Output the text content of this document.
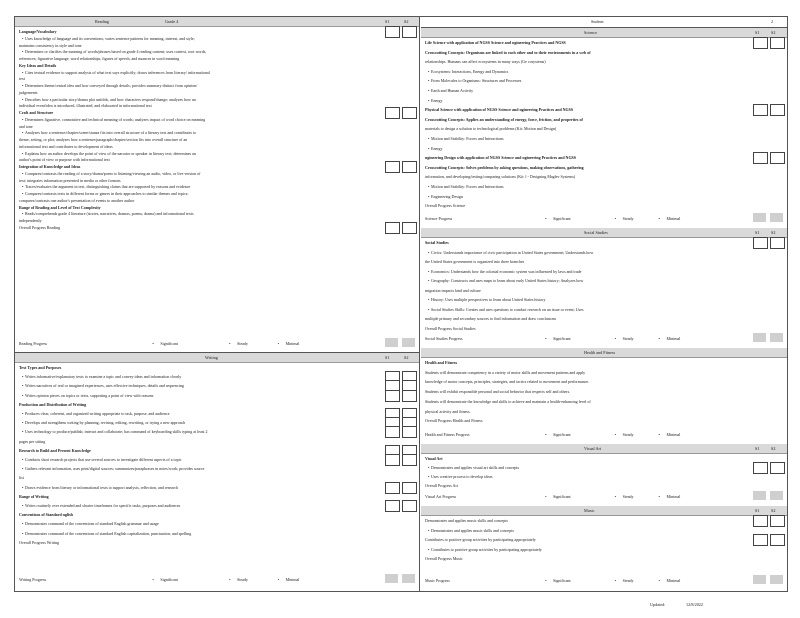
Reading	Grade 4	S1	S2
Language/Vocabulary
• Uses knowledge of language and its conventions; varies sentence patterns for meaning, interest, and style;
maintains consistency in style and tone
• Determines or clarifies the meaning of words/phrases based on grade 4 reading content; uses context, root words,
references; figurative language, word relationships, figures of speech, and nuances in word meaning
Key Ideas and Details
• Cites textual evidence to support analysis of what text says explicitly; draws inferences from literary/ informational
text
• Determines theme/central idea and how conveyed through details; provides summary distinct from opinion/
judgements
• Describes how a particular story/drama plot unfolds, and how characters respond/change; analyzes how an
individual event/idea is introduced, illustrated, and elaborated in informational text
Craft and Structure
• Determines figurative, connotative and technical meaning of words; analyzes impact of word choice on meaning
and tone
• Analyzes how a sentence/chapter/scene/stanza fits into overall structure of a literary text and contributes to
theme, setting, or plot; analyzes how a sentence/paragraph/chapter/section fits into overall structure of an
informational text and contributes to development of ideas
• Explains how an author develops the point of view of the narrator or speaker in literary text; determines an
author's point of view or purpose with informational text
Integration of Knowledge and Ideas
• Compares/contrasts the reading of a story/drama/poem to listening/viewing an audio, video, or live version of
text; integrates information presented in media or other formats
• Traces/evaluates the argument in text, distinguishing claims that are supported by reasons and evidence
• Compares/contrasts texts in different forms or genres in their approaches to similar themes and topics;
compares/contrasts one author's presentation of events to another author
Range of Reading and Level of Text Complexity
• Reads/comprehends grade 4 literature (stories, narratives, dramas, poems, drama) and informational texts
independently
Overall Progress Reading
Reading Progress	Significant
•	Steady
•	Minimal
•
Writing	S1	S2
Text Types and Purposes
• Writes informative/explanatory texts to examine a topic and convey ideas and information clearly
• Writes narratives of real or imagined experiences, uses effective techniques, details and sequencing
• Writes opinion pieces on topics or texts, supporting a point of view with reasons
Production and Distribution of Writing
• Produces clear, coherent, and organized writing appropriate to task, purpose, and audience
• Develops and strengthens writing by planning, revising, editing, rewriting, or trying a new approach
• Uses technology to produce/publish; interact and collaborate; has command of keyboarding skills typing at least 2
pages per sitting
Research to Build and Present Knowledge
• Conducts short research projects that use several sources to investigate different aspects of a topic
• Gathers relevant information, uses print/digital sources; summarizes/paraphrases in notes/work; provides source
list
• Draws evidence from literary or informational texts to support analysis, reflection, and research
Range of Writing
• Writes routinely over extended and shorter timeframes for specific tasks, purposes and audiences
Conventions of Standard nglish
• Demonstrates command of the conventions of standard English grammar and usage
• Demonstrates command of the conventions of standard English capitalization, punctuation, and spelling
Overall Progress Writing
Writing Progress	Significant
•	Steady
•	Minimal
•
Student:	2
Science	S1	S2
Life Science with application of NGSS Science and ngineering Practices and NGSS
Crosscutting Concepts: Organisms are linked to each other and to their environments in a web of
relationships. Humans can affect ecosystems in many ways (Ge cosystems)
• Ecosystems: Interactions, Energy and Dynamics
• From Molecules to Organisms: Structures and Processes
• Earth and Human Activity
• Energy
Physical Science with application of NGSS Science and ngineering Practices and NGSS
Crosscutting Concepts: Applies an understanding of energy, force, friction, and properties of
materials to design a solution to technological problems (Kit: Motion and Design)
• Motion and Stability: Forces and Interactions
• Energy
ngineering Design with application of NGSS Science and ngineering Practices and NGSS
Crosscutting Concepts: Solves problems by asking questions, making observations, gathering
information, and developing/testing/comparing solutions (Kit: l - Designing Maglev Systems)
• Motion and Stability: Forces and Interactions
• Engineering Design
Overall Progress Science
Science Progress	Significant
•	Steady
•	Minimal
•
Social Studies	S1	S2
Social Studies
• Civics: Understands importance of civic participation in United States government; Understands how
the United States government is organized into three branches
• Economics: Understands how the colonial economic system was influenced by laws and trade
• Geography: Constructs and uses maps to learn about early United States history; Analyzes how
migration impacts land and culture
• History: Uses multiple perspectives to learn about United States history
• Social Studies Skills: Creates and uses questions to conduct research on an issue or event; Uses
multiple primary and secondary sources to find information and draw conclusions
Overall Progress Social Studies
Social Studies Progress	Significant
•	Steady
•	Minimal
•
Health and Fitness
Health and Fitness
Students will demonstrate competency in a variety of motor skills and movement patterns and apply
knowledge of motor concepts, principles, strategies, and tactics related to movement and performance.
Students will exhibit responsible personal and social behavior that respects self and others.
Students will demonstrate the knowledge and skills to achieve and maintain a health-enhancing level of
physical activity and fitness.
Overall Progress Health and Fitness
Health and Fitness Progress	Significant
•	Steady
•	Minimal
•
Visual Art	S1	S2
Visual Art
• Demonstrates and applies visual art skills and concepts
• Uses creative process to develop ideas
Overall Progress Art
Visual Art Progress	Significant
•	Steady
•	Minimal
•
Music	S1	S2
Demonstrates and applies music skills and concepts
• Demonstrates and applies music skills and concepts
Contributes to positive group activities by participating appropriately
• Contributes to positive group activities by participating appropriately
Overall Progress Music
Music Progress	Significant
•	Steady
•	Minimal
•
Updated:	12/8/2022
